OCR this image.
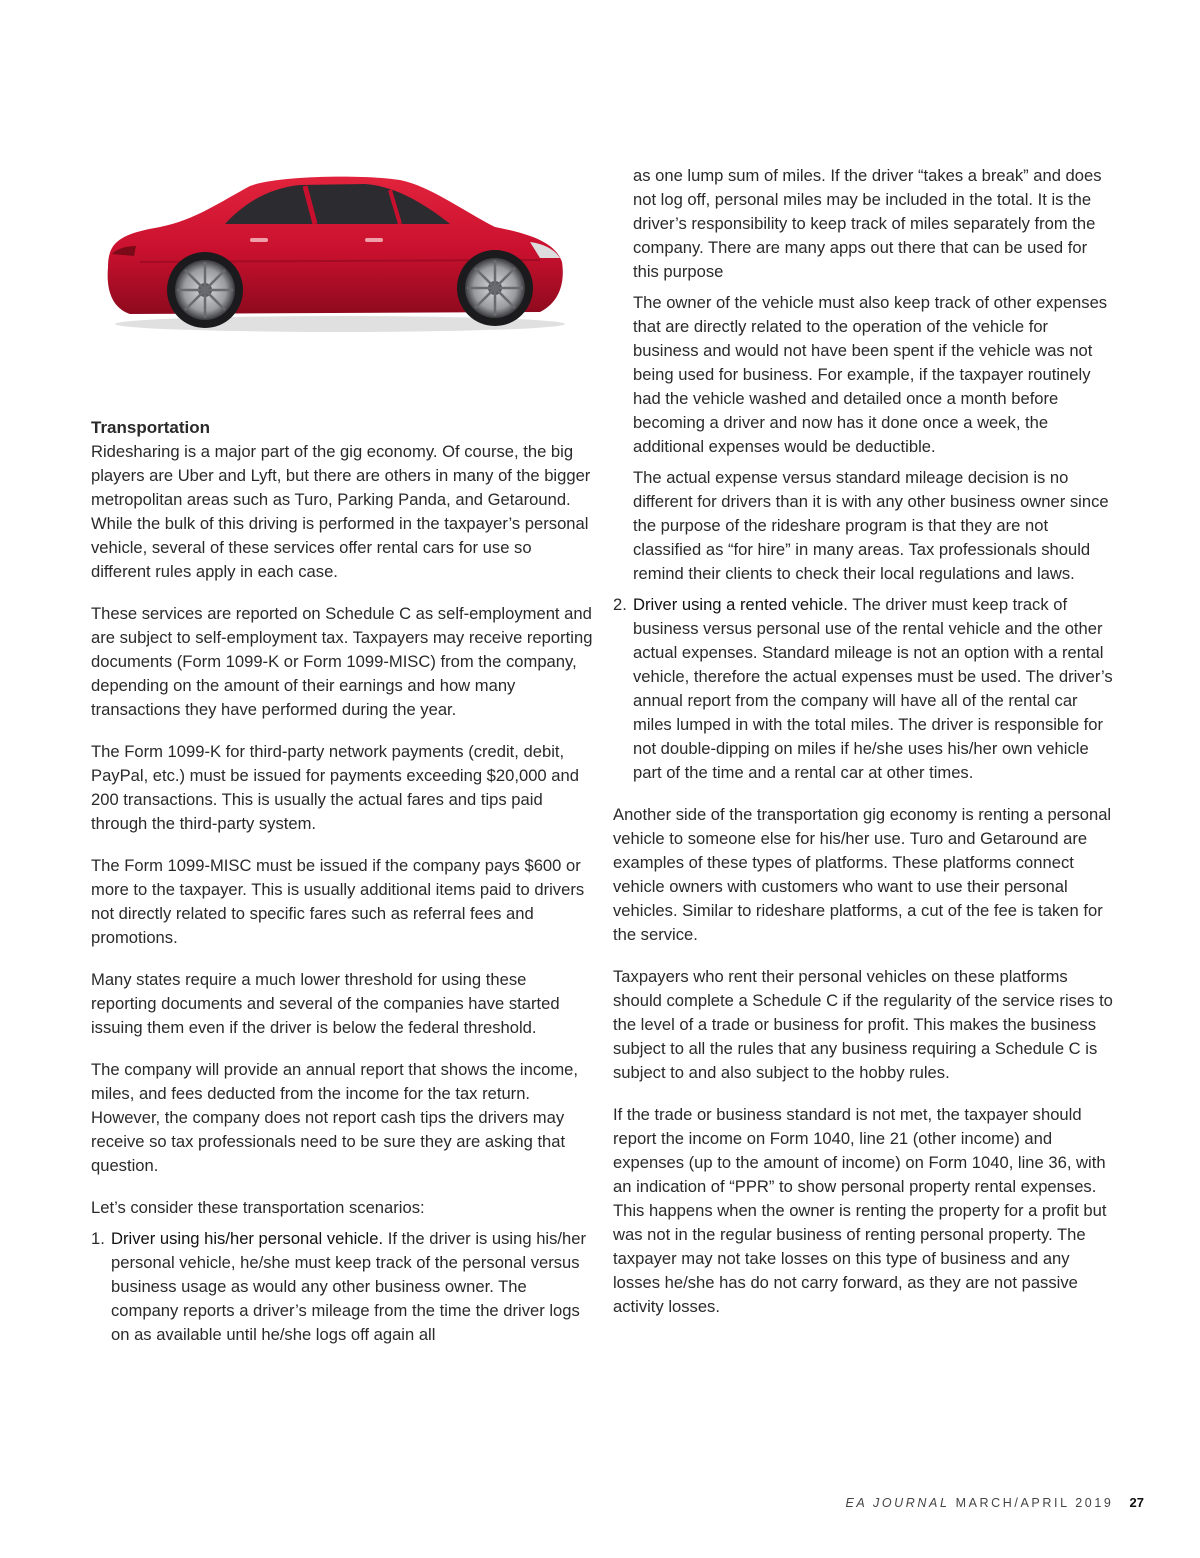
Transportation

Ridesharing is a major part of the gig economy. Of course, the big players are Uber and Lyft, but there are others in many of the bigger metropolitan areas such as Turo, Parking Panda, and Getaround. While the bulk of this driving is performed in the taxpayer’s personal vehicle, several of these services offer rental cars for use so different rules apply in each case.

These services are reported on Schedule C as self-employment and are subject to self-employment tax. Taxpayers may receive reporting documents (Form 1099-K or Form 1099-MISC) from the company, depending on the amount of their earnings and how many transactions they have performed during the year.

The Form 1099-K for third-party network payments (credit, debit, PayPal, etc.) must be issued for payments exceeding $20,000 and 200 transactions. This is usually the actual fares and tips paid through the third-party system.

The Form 1099-MISC must be issued if the company pays $600 or more to the taxpayer. This is usually additional items paid to drivers not directly related to specific fares such as referral fees and promotions.

Many states require a much lower threshold for using these reporting documents and several of the companies have started issuing them even if the driver is below the federal threshold.

The company will provide an annual report that shows the income, miles, and fees deducted from the income for the tax return. However, the company does not report cash tips the drivers may receive so tax professionals need to be sure they are asking that question.

Let’s consider these transportation scenarios:

1. Driver using his/her personal vehicle. If the driver is using his/her personal vehicle, he/she must keep track of the personal versus business usage as would any other business owner. The company reports a driver’s mileage from the time the driver logs on as available until he/she logs off again all

as one lump sum of miles. If the driver “takes a break” and does not log off, personal miles may be included in the total. It is the driver’s responsibility to keep track of miles separately from the company. There are many apps out there that can be used for this purpose

The owner of the vehicle must also keep track of other expenses that are directly related to the operation of the vehicle for business and would not have been spent if the vehicle was not being used for business. For example, if the taxpayer routinely had the vehicle washed and detailed once a month before becoming a driver and now has it done once a week, the additional expenses would be deductible.

The actual expense versus standard mileage decision is no different for drivers than it is with any other business owner since the purpose of the rideshare program is that they are not classified as “for hire” in many areas. Tax professionals should remind their clients to check their local regulations and laws.

2. Driver using a rented vehicle. The driver must keep track of business versus personal use of the rental vehicle and the other actual expenses. Standard mileage is not an option with a rental vehicle, therefore the actual expenses must be used. The driver’s annual report from the company will have all of the rental car miles lumped in with the total miles. The driver is responsible for not double-dipping on miles if he/she uses his/her own vehicle part of the time and a rental car at other times.

Another side of the transportation gig economy is renting a personal vehicle to someone else for his/her use. Turo and Getaround are examples of these types of platforms. These platforms connect vehicle owners with customers who want to use their personal vehicles. Similar to rideshare platforms, a cut of the fee is taken for the service.

Taxpayers who rent their personal vehicles on these platforms should complete a Schedule C if the regularity of the service rises to the level of a trade or business for profit. This makes the business subject to all the rules that any business requiring a Schedule C is subject to and also subject to the hobby rules.

If the trade or business standard is not met, the taxpayer should report the income on Form 1040, line 21 (other income) and expenses (up to the amount of income) on Form 1040, line 36, with an indication of “PPR” to show personal property rental expenses. This happens when the owner is renting the property for a profit but was not in the regular business of renting personal property. The taxpayer may not take losses on this type of business and any losses he/she has do not carry forward, as they are not passive activity losses.

EA JOURNAL MARCH/APRIL 2019 27
